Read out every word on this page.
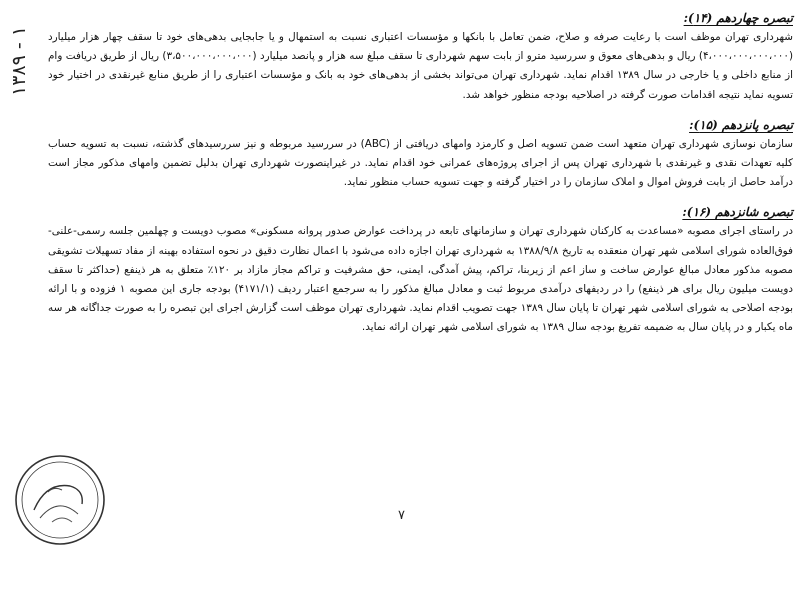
۱۳۸۹ - ۱
تبصره چهاردهم (۱۴):

شهرداری تهران موظف است با رعایت صرفه و صلاح، ضمن تعامل با بانکها و مؤسسات اعتباری نسبت به استمهال و یا جابجایی بدهی‌های خود تا سقف چهار هزار میلیارد (۴،۰۰۰،۰۰۰،۰۰۰،۰۰۰) ریال و بدهی‌های معوق و سررسید مترو از بابت سهم شهرداری تا سقف مبلغ سه هزار و پانصد میلیارد (۳،۵۰۰،۰۰۰،۰۰۰،۰۰۰) ریال از طریق دریافت وام از منابع داخلی و یا خارجی در سال ۱۳۸۹ اقدام نماید. شهرداری تهران می‌تواند بخشی از بدهی‌های خود به بانک و مؤسسات اعتباری را از طریق منابع غیرنقدی در اختیار خود تسویه نماید نتیجه اقدامات صورت گرفته در اصلاحیه بودجه منظور خواهد شد.

تبصره پانزدهم (۱۵):

سازمان نوسازی شهرداری تهران متعهد است ضمن تسویه اصل و کارمزد وامهای دریافتی از (ABC) در سررسید مربوطه و نیز سررسیدهای گذشته، نسبت به تسویه حساب کلیه تعهدات نقدی و غیرنقدی با شهرداری تهران پس از اجرای پروژه‌های عمرانی خود اقدام نماید. در غیراینصورت شهرداری تهران بدلیل تضمین وامهای مذکور مجاز است درآمد حاصل از بابت فروش اموال و املاک سازمان را در اختیار گرفته و جهت تسویه حساب منظور نماید.

تبصره شانزدهم (۱۶):

در راستای اجرای مصوبه «مساعدت به کارکنان شهرداری تهران و سازمانهای تابعه در پرداخت عوارض صدور پروانه مسکونی» مصوب دویست و چهلمین جلسه رسمی-علنی-فوق‌العاده شورای اسلامی شهر تهران منعقده به تاریخ ۱۳۸۸/۹/۸ به شهرداری تهران اجازه داده می‌شود با اعمال نظارت دقیق در نحوه استفاده بهینه از مفاد تسهیلات تشویقی مصوبه مذکور معادل مبالغ عوارض ساخت و ساز اعم از زیربنا، تراکم، پیش آمدگی، ایمنی، حق مشرفیت و تراکم مجاز مازاد بر ۱۲۰٪ متعلق به هر ذینفع (حداکثر تا سقف دویست میلیون ریال برای هر ذینفع) را در ردیفهای درآمدی مربوط ثبت و معادل مبالغ مذکور را به سرجمع اعتبار ردیف (۴۱۷۱/۱) بودجه جاری این مصوبه ۱ فزوده و با ارائه بودجه اصلاحی به شورای اسلامی شهر تهران تا پایان سال ۱۳۸۹ جهت تصویب اقدام نماید. شهرداری تهران موظف است گزارش اجرای این تبصره را به صورت جداگانه هر سه ماه یکبار و در پایان سال به ضمیمه تفریغ بودجه سال ۱۳۸۹ به شورای اسلامی شهر تهران ارائه نماید.

۷
